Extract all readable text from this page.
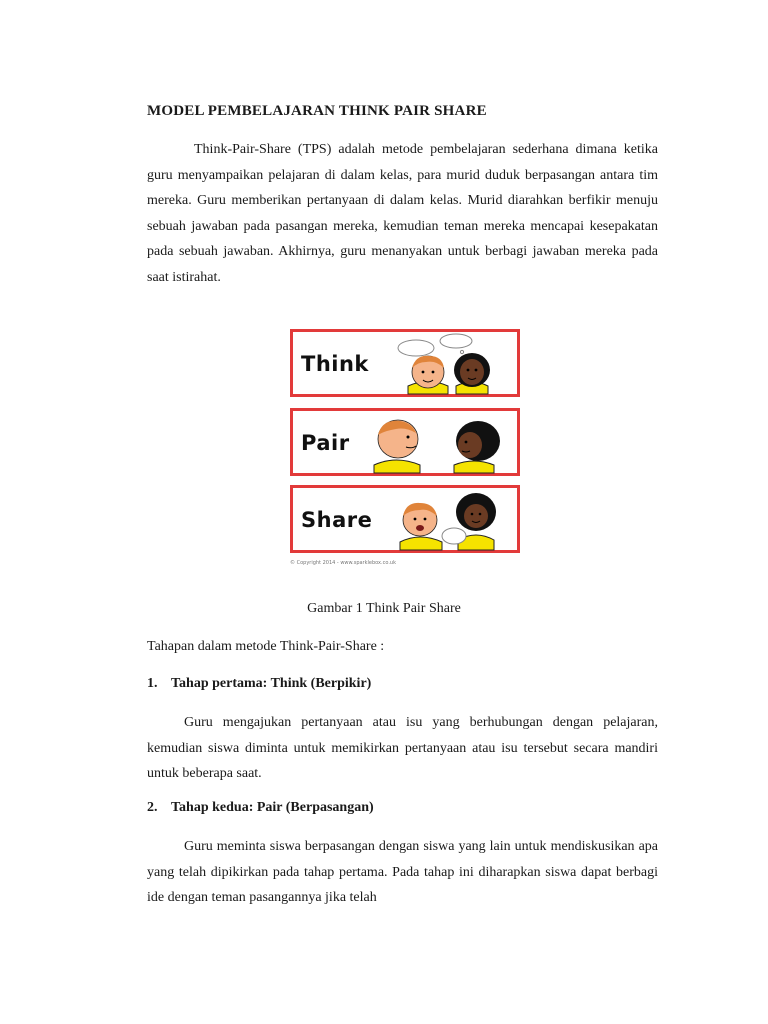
MODEL PEMBELAJARAN THINK PAIR SHARE

Think-Pair-Share (TPS) adalah metode pembelajaran sederhana dimana ketika guru menyampaikan pelajaran di dalam kelas, para murid duduk berpasangan antara tim mereka. Guru memberikan pertanyaan di dalam kelas. Murid diarahkan berfikir menuju sebuah jawaban pada pasangan mereka, kemudian teman mereka mencapai kesepakatan pada sebuah jawaban. Akhirnya, guru menanyakan untuk berbagi jawaban mereka pada saat istirahat.

Think
Pair
Share
© Copyright 2014 - www.sparklebox.co.uk

Gambar 1 Think Pair Share

Tahapan dalam metode Think-Pair-Share :

1. Tahap pertama: Think (Berpikir)

Guru mengajukan pertanyaan atau isu yang berhubungan dengan pelajaran, kemudian siswa diminta untuk memikirkan pertanyaan atau isu tersebut secara mandiri untuk beberapa saat.

2. Tahap kedua: Pair (Berpasangan)

Guru meminta siswa berpasangan dengan siswa yang lain untuk mendiskusikan apa yang telah dipikirkan pada tahap pertama. Pada tahap ini diharapkan siswa dapat berbagi ide dengan teman pasangannya jika telah
